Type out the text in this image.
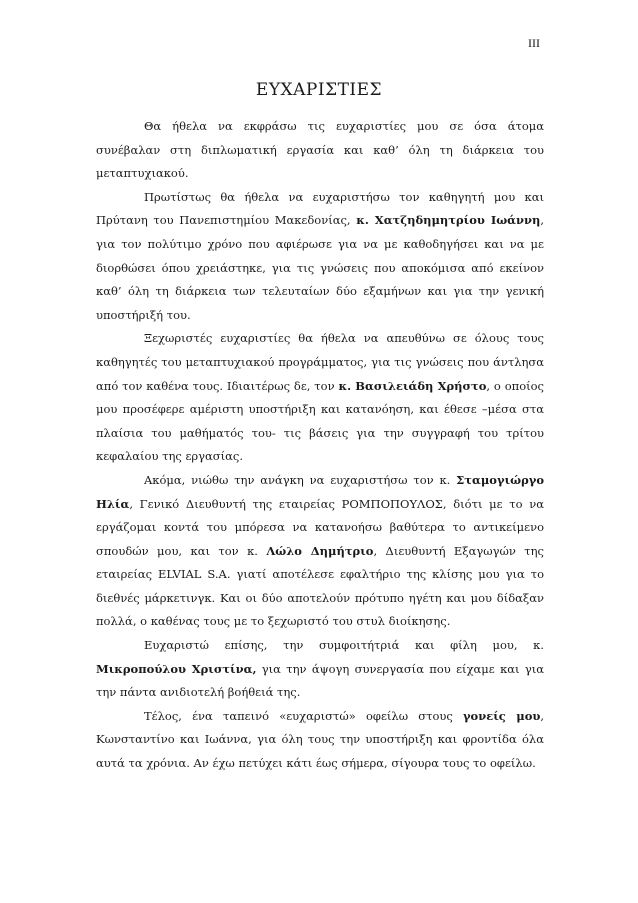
III
ΕΥΧΑΡΙΣΤΙΕΣ

Θα ήθελα να εκφράσω τις ευχαριστίες μου σε όσα άτομα συνέβαλαν στη διπλωματική εργασία και καθ’ όλη τη διάρκεια του μεταπτυχιακού.

Πρωτίστως θα ήθελα να ευχαριστήσω τον καθηγητή μου και Πρύτανη του Πανεπιστημίου Μακεδονίας, κ. Χατζηδημητρίου Ιωάννη, για τον πολύτιμο χρόνο που αφιέρωσε για να με καθοδηγήσει και να με διορθώσει όπου χρειάστηκε, για τις γνώσεις που αποκόμισα από εκείνον καθ’ όλη τη διάρκεια των τελευταίων δύο εξαμήνων και για την γενική υποστήριξή του.

Ξεχωριστές ευχαριστίες θα ήθελα να απευθύνω σε όλους τους καθηγητές του μεταπτυχιακού προγράμματος, για τις γνώσεις που άντλησα από τον καθένα τους. Ιδιαιτέρως δε, τον κ. Βασιλειάδη Χρήστο, ο οποίος μου προσέφερε αμέριστη υποστήριξη και κατανόηση, και έθεσε –μέσα στα πλαίσια του μαθήματός του- τις βάσεις για την συγγραφή του τρίτου κεφαλαίου της εργασίας.

Ακόμα, νιώθω την ανάγκη να ευχαριστήσω τον κ. Σταμογιώργο Ηλία, Γενικό Διευθυντή της εταιρείας ΡΟΜΠΟΠΟΥΛΟΣ, διότι με το να εργάζομαι κοντά του μπόρεσα να κατανοήσω βαθύτερα το αντικείμενο σπουδών μου, και τον κ. Λώλο Δημήτριο, Διευθυντή Εξαγωγών της εταιρείας ELVIAL S.A. γιατί αποτέλεσε εφαλτήριο της κλίσης μου για το διεθνές μάρκετινγκ. Και οι δύο αποτελούν πρότυπο ηγέτη και μου δίδαξαν πολλά, ο καθένας τους με το ξεχωριστό του στυλ διοίκησης.

Ευχαριστώ επίσης, την συμφοιτήτριά και φίλη μου, κ. Μικροπούλου Χριστίνα, για την άψογη συνεργασία που είχαμε και για την πάντα ανιδιοτελή βοήθειά της.

Τέλος, ένα ταπεινό «ευχαριστώ» οφείλω στους γονείς μου, Κωνσταντίνο και Ιωάννα, για όλη τους την υποστήριξη και φροντίδα όλα αυτά τα χρόνια. Αν έχω πετύχει κάτι έως σήμερα, σίγουρα τους το οφείλω.
